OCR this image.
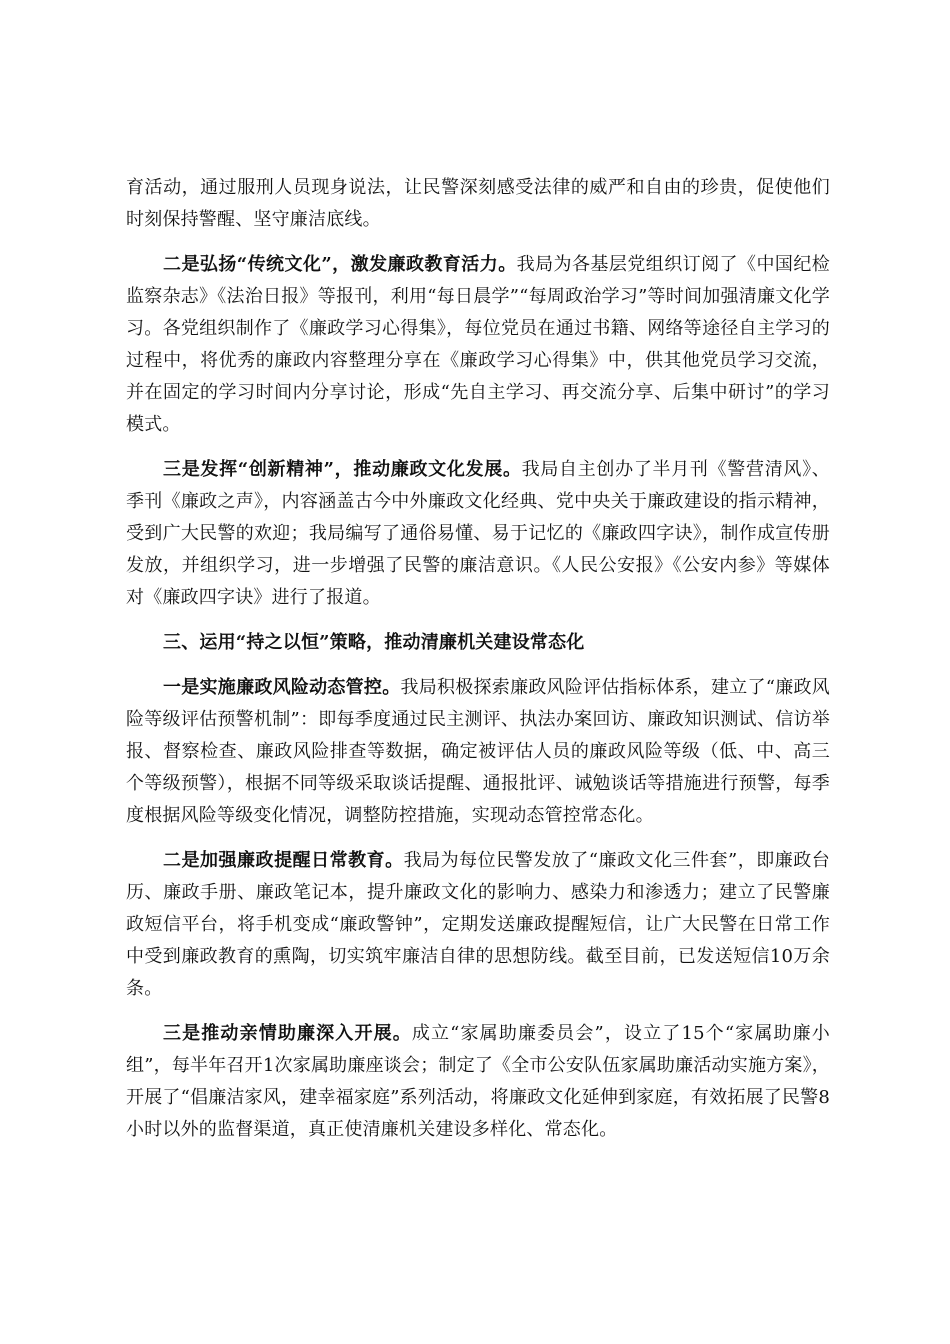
育活动，通过服刑人员现身说法，让民警深刻感受法律的威严和自由的珍贵，促使他们时刻保持警醒、坚守廉洁底线。

二是弘扬“传统文化”，激发廉政教育活力。我局为各基层党组织订阅了《中国纪检监察杂志》《法治日报》等报刊，利用“每日晨学”“每周政治学习”等时间加强清廉文化学习。各党组织制作了《廉政学习心得集》，每位党员在通过书籍、网络等途径自主学习的过程中，将优秀的廉政内容整理分享在《廉政学习心得集》中，供其他党员学习交流，并在固定的学习时间内分享讨论，形成“先自主学习、再交流分享、后集中研讨”的学习模式。

三是发挥“创新精神”，推动廉政文化发展。我局自主创办了半月刊《警营清风》、季刊《廉政之声》，内容涵盖古今中外廉政文化经典、党中央关于廉政建设的指示精神，受到广大民警的欢迎；我局编写了通俗易懂、易于记忆的《廉政四字诀》，制作成宣传册发放，并组织学习，进一步增强了民警的廉洁意识。《人民公安报》《公安内参》等媒体对《廉政四字诀》进行了报道。

三、运用“持之以恒”策略，推动清廉机关建设常态化

一是实施廉政风险动态管控。我局积极探索廉政风险评估指标体系，建立了“廉政风险等级评估预警机制”：即每季度通过民主测评、执法办案回访、廉政知识测试、信访举报、督察检查、廉政风险排查等数据，确定被评估人员的廉政风险等级（低、中、高三个等级预警），根据不同等级采取谈话提醒、通报批评、诫勉谈话等措施进行预警，每季度根据风险等级变化情况，调整防控措施，实现动态管控常态化。

二是加强廉政提醒日常教育。我局为每位民警发放了“廉政文化三件套”，即廉政台历、廉政手册、廉政笔记本，提升廉政文化的影响力、感染力和渗透力；建立了民警廉政短信平台，将手机变成“廉政警钟”，定期发送廉政提醒短信，让广大民警在日常工作中受到廉政教育的熏陶，切实筑牢廉洁自律的思想防线。截至目前，已发送短信10万余条。

三是推动亲情助廉深入开展。成立“家属助廉委员会”，设立了15个“家属助廉小组”，每半年召开1次家属助廉座谈会；制定了《全市公安队伍家属助廉活动实施方案》，开展了“倡廉洁家风，建幸福家庭”系列活动，将廉政文化延伸到家庭，有效拓展了民警8小时以外的监督渠道，真正使清廉机关建设多样化、常态化。
